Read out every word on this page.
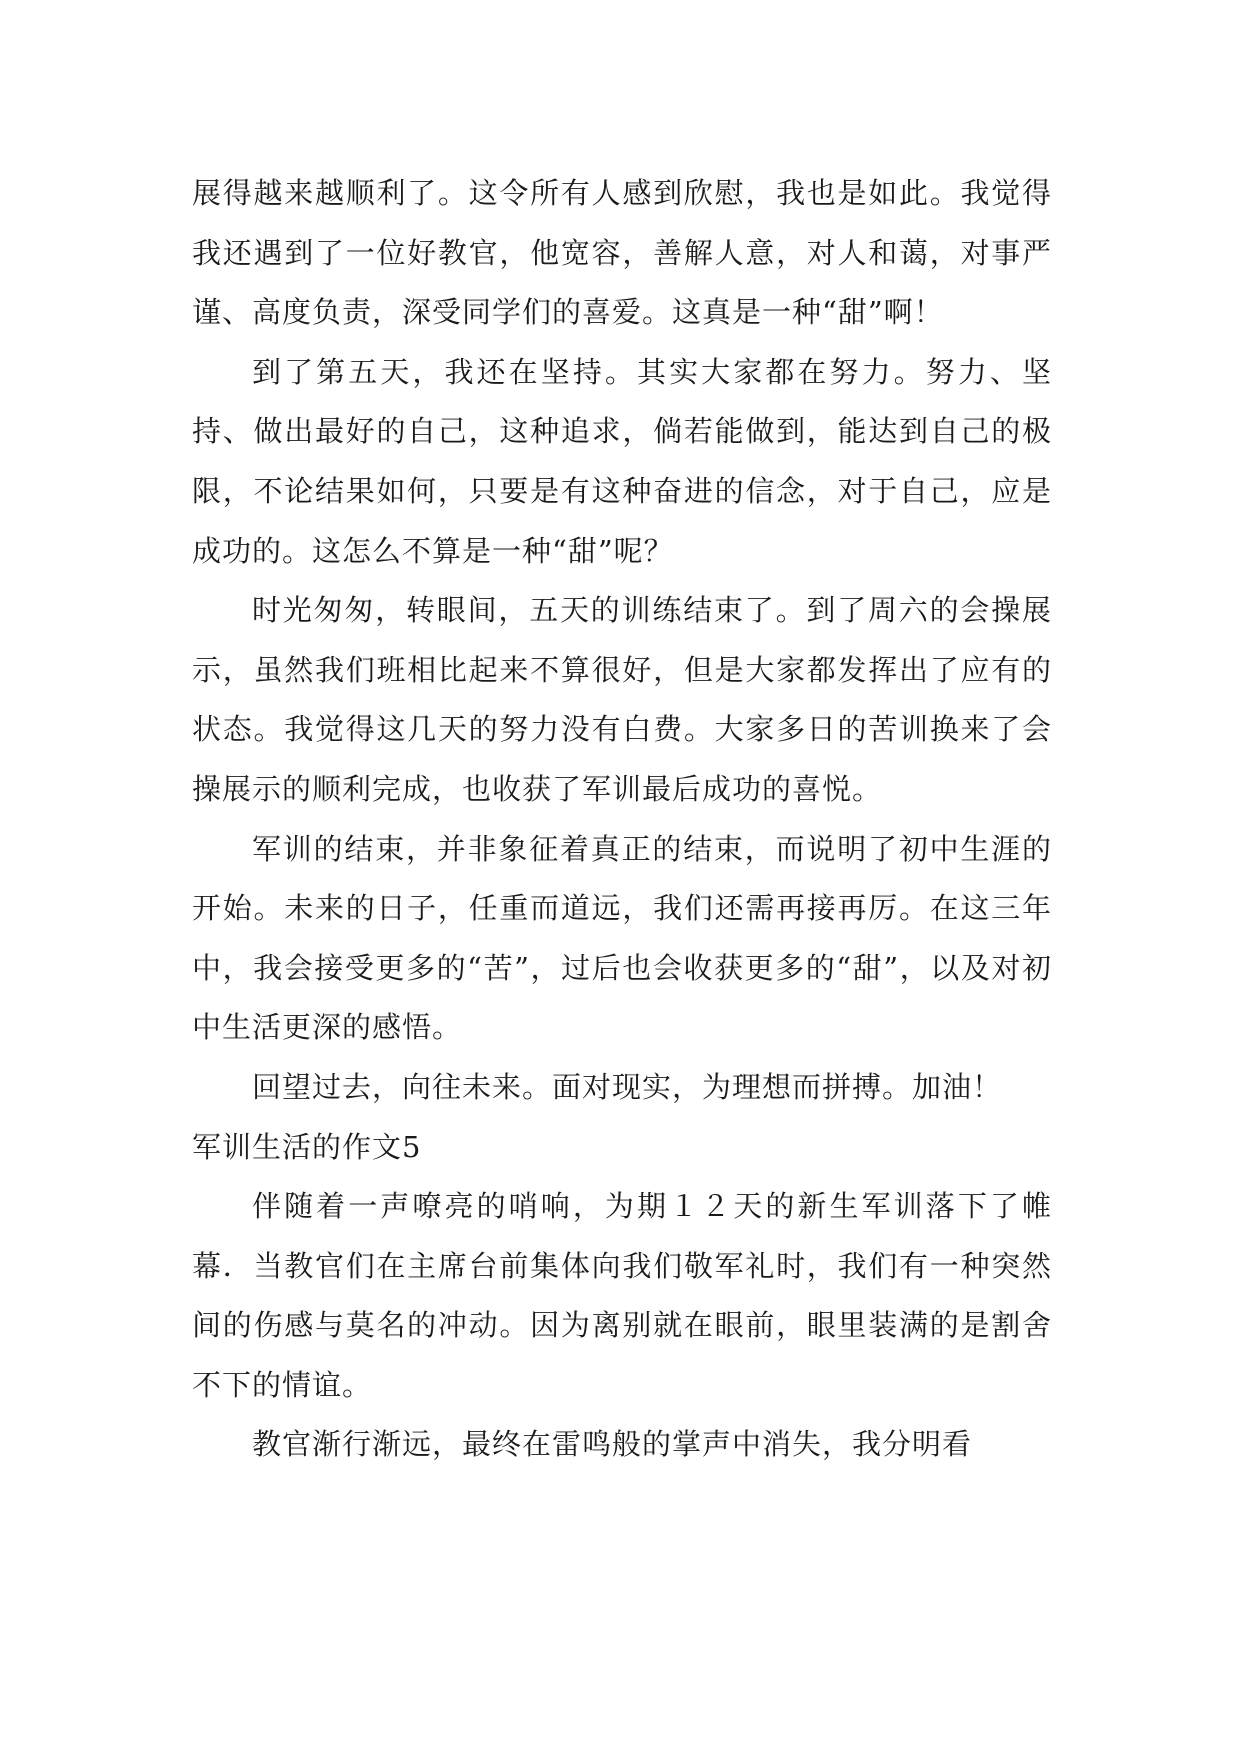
展得越来越顺利了。这令所有人感到欣慰，我也是如此。我觉得我还遇到了一位好教官，他宽容，善解人意，对人和蔼，对事严谨、高度负责，深受同学们的喜爱。这真是一种“甜”啊！

到了第五天，我还在坚持。其实大家都在努力。努力、坚持、做出最好的自己，这种追求，倘若能做到，能达到自己的极限，不论结果如何，只要是有这种奋进的信念，对于自己，应是成功的。这怎么不算是一种“甜”呢？

时光匆匆，转眼间，五天的训练结束了。到了周六的会操展示，虽然我们班相比起来不算很好，但是大家都发挥出了应有的状态。我觉得这几天的努力没有白费。大家多日的苦训换来了会操展示的顺利完成，也收获了军训最后成功的喜悦。

军训的结束，并非象征着真正的结束，而说明了初中生涯的开始。未来的日子，任重而道远，我们还需再接再厉。在这三年中，我会接受更多的“苦”，过后也会收获更多的“甜”，以及对初中生活更深的感悟。

回望过去，向往未来。面对现实，为理想而拼搏。加油！

军训生活的作文5

伴随着一声嘹亮的哨响，为期１２天的新生军训落下了帷幕．当教官们在主席台前集体向我们敬军礼时，我们有一种突然间的伤感与莫名的冲动。因为离别就在眼前，眼里装满的是割舍不下的情谊。

教官渐行渐远，最终在雷鸣般的掌声中消失，我分明看
